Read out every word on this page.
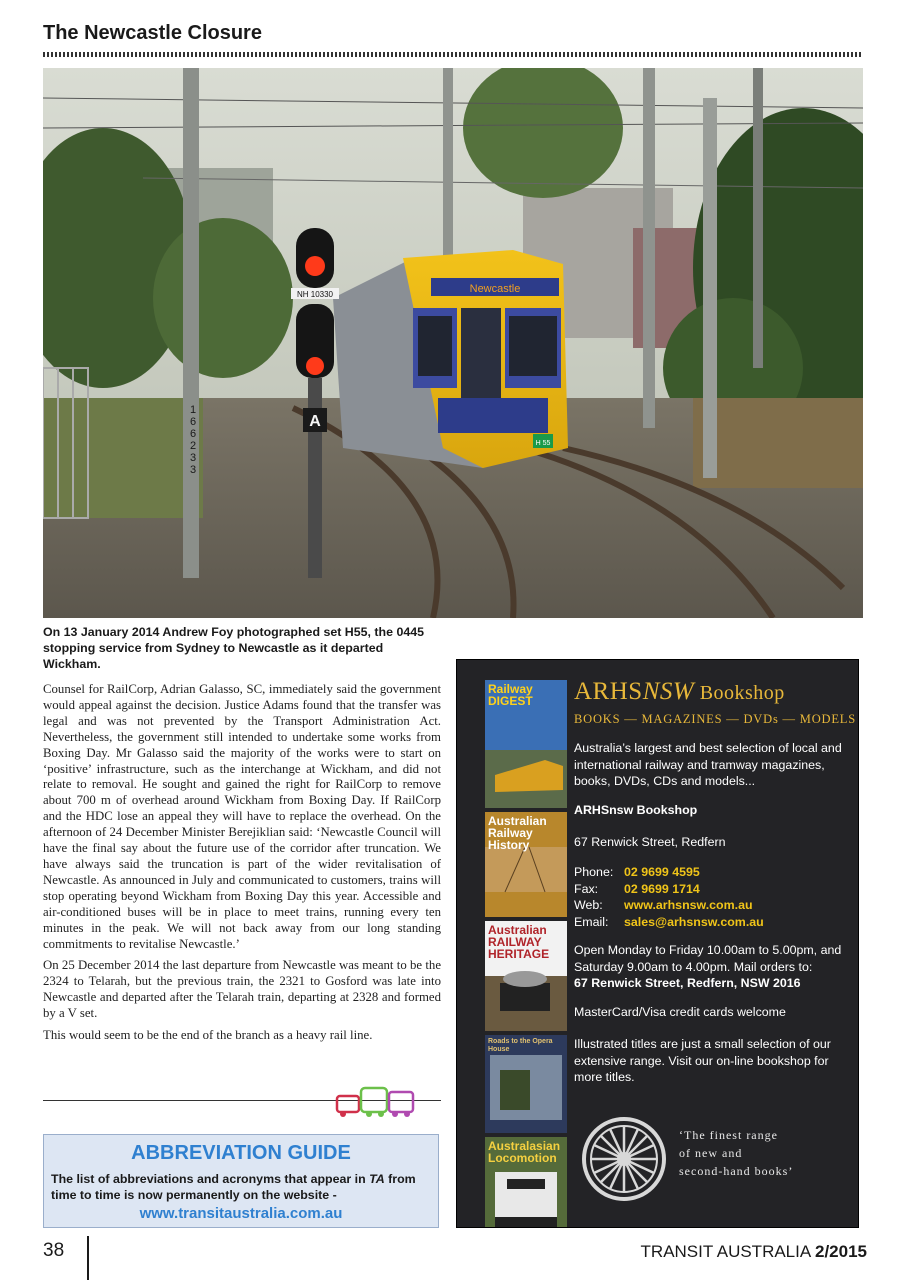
The Newcastle Closure
1 6 6 2 3 3
Newcastle
H 55
NH 10330
A

On 13 January 2014 Andrew Foy photographed set H55, the 0445 stopping service from Sydney to Newcastle as it departed Wickham.

Counsel for RailCorp, Adrian Galasso, SC, immediately said the government would appeal against the decision. Justice Adams found that the transfer was legal and was not prevented by the Transport Administration Act. Nevertheless, the government still intended to undertake some works from Boxing Day. Mr Galasso said the majority of the works were to start on ‘positive’ infrastructure, such as the interchange at Wickham, and did not relate to removal. He sought and gained the right for RailCorp to remove about 700 m of overhead around Wickham from Boxing Day. If RailCorp and the HDC lose an appeal they will have to replace the overhead. On the afternoon of 24 December Minister Berejiklian said: ‘Newcastle Council will have the final say about the future use of the corridor after truncation. We have always said the truncation is part of the wider revitalisation of Newcastle. As announced in July and communicated to customers, trains will stop operating beyond Wickham from Boxing Day this year. Accessible and air-conditioned buses will be in place to meet trains, running every ten minutes in the peak. We will not back away from our long standing commitments to revitalise Newcastle.’

On 25 December 2014 the last departure from Newcastle was meant to be the 2324 to Telarah, but the previous train, the 2321 to Gosford was late into Newcastle and departed after the Telarah train, departing at 2328 and formed by a V set.

This would seem to be the end of the branch as a heavy rail line.

ABBREVIATION GUIDE
The list of abbreviations and acronyms that appear in TA from time to time is now permanently on the website -
www.transitaustralia.com.au
Railway DIGEST
Australian Railway History
Australian RAILWAY HERITAGE
Roads to the Opera House
Australasian Locomotion
ARHSNSW Bookshop
BOOKS — MAGAZINES — DVDs — MODELS
Australia’s largest and best selection of local and international railway and tramway magazines, books, DVDs, CDs and models...
ARHSnsw Bookshop
67 Renwick Street, Redfern
Phone: 02 9699 4595
Fax: 02 9699 1714
Web: www.arhsnsw.com.au
Email: sales@arhsnsw.com.au
Open Monday to Friday 10.00am to 5.00pm, and Saturday 9.00am to 4.00pm. Mail orders to:
67 Renwick Street, Redfern, NSW 2016
MasterCard/Visa credit cards welcome
Illustrated titles are just a small selection of our extensive range. Visit our on-line bookshop for more titles.
‘The finest range
of new and
second-hand books’
38	TRANSIT AUSTRALIA 2/2015
